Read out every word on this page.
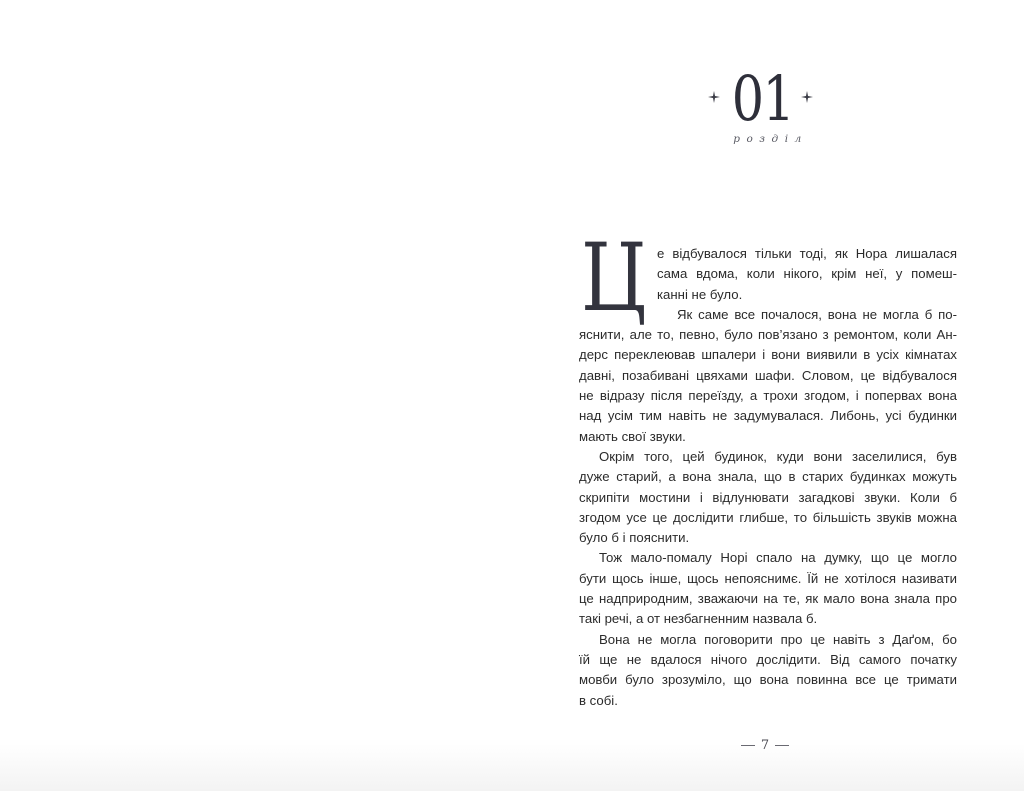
01
розділ
Ц е відбувалося тільки тоді, як Нора лишалася
сама вдома, коли нікого, крім неї, у помеш-
канні не було.
Як саме все почалося, вона не могла б по-
яснити, але то, певно, було пов’язано з ремонтом, коли Ан-
дерс переклеював шпалери і вони виявили в усіх кімнатах
давні, позабивані цвяхами шафи. Словом, це відбувалося
не відразу після переїзду, а трохи згодом, і попервах вона
над усім тим навіть не задумувалася. Либонь, усі будинки
мають свої звуки.
Окрім того, цей будинок, куди вони заселилися, був
дуже старий, а вона знала, що в старих будинках можуть
скрипіти мостини і відлунювати загадкові звуки. Коли б
згодом усе це дослідити глибше, то більшість звуків можна
було б і пояснити.
Тож мало-помалу Норі спало на думку, що це могло
бути щось інше, щось непояснимє. Їй не хотілося називати
це надприродним, зважаючи на те, як мало вона знала про
такі речі, а от незбагненним назвала б.
Вона не могла поговорити про це навіть з Даґом, бо
їй ще не вдалося нічого дослідити. Від самого початку
мовби було зрозуміло, що вона повинна все це тримати
в собі.
7
